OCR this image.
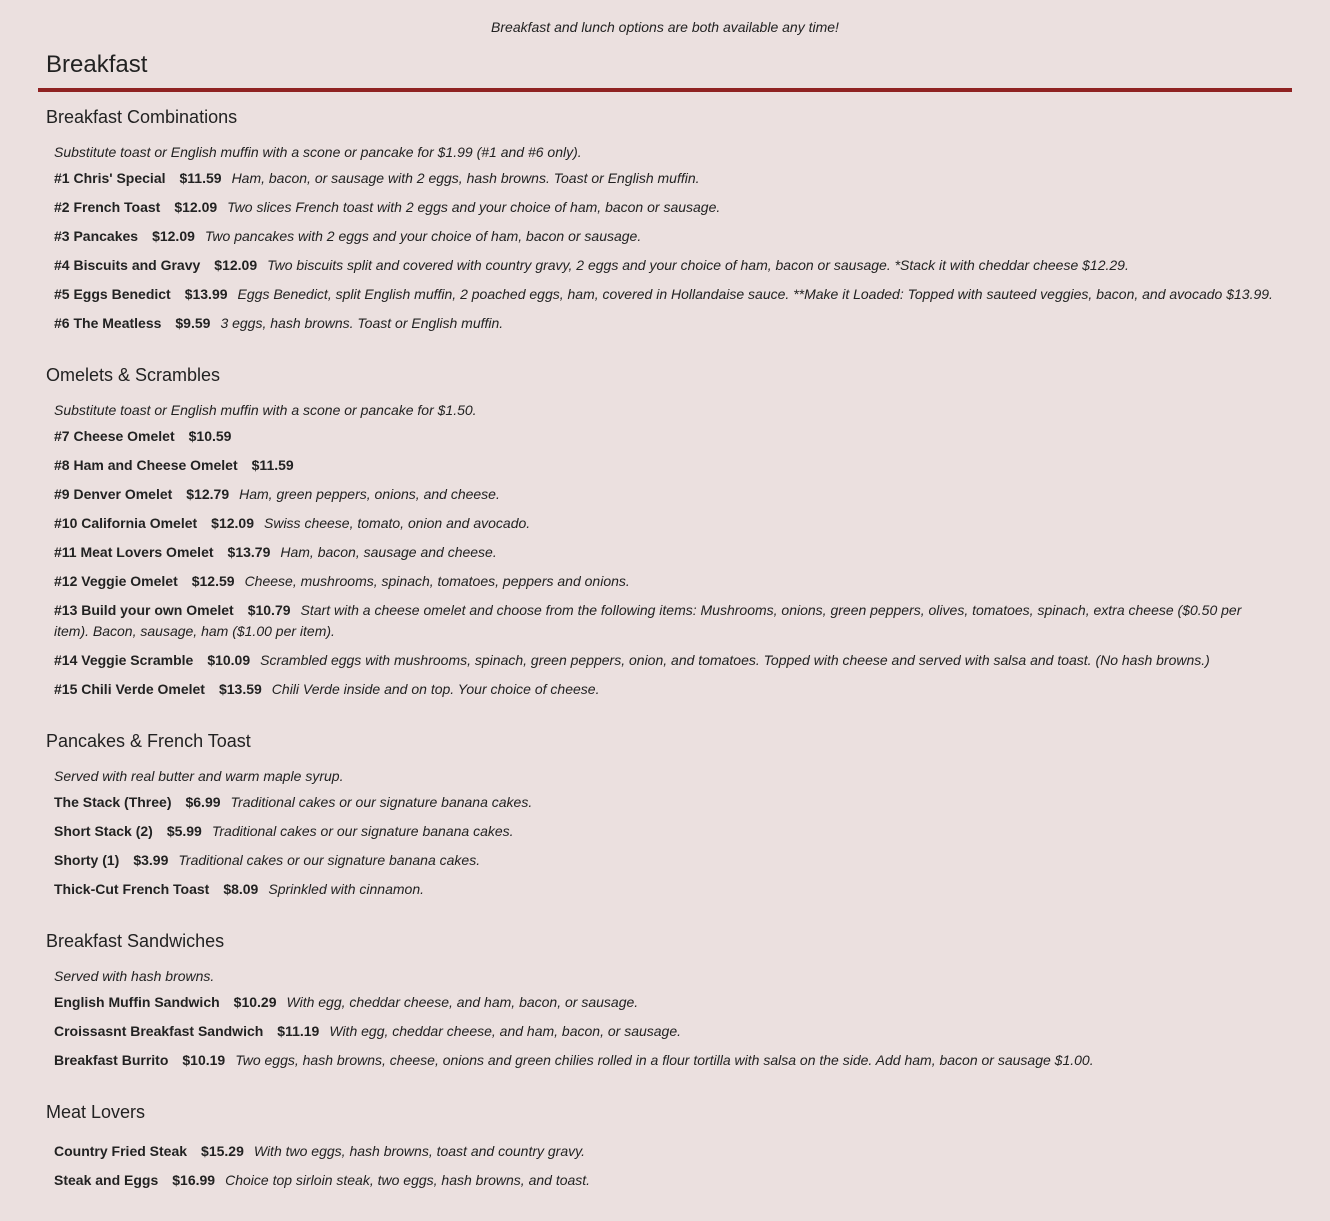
Breakfast and lunch options are both available any time!
Breakfast
Breakfast Combinations
Substitute toast or English muffin with a scone or pancake for $1.99 (#1 and #6 only).
#1 Chris' Special $11.59 Ham, bacon, or sausage with 2 eggs, hash browns. Toast or English muffin.
#2 French Toast $12.09 Two slices French toast with 2 eggs and your choice of ham, bacon or sausage.
#3 Pancakes $12.09 Two pancakes with 2 eggs and your choice of ham, bacon or sausage.
#4 Biscuits and Gravy $12.09 Two biscuits split and covered with country gravy, 2 eggs and your choice of ham, bacon or sausage. *Stack it with cheddar cheese $12.29.
#5 Eggs Benedict $13.99 Eggs Benedict, split English muffin, 2 poached eggs, ham, covered in Hollandaise sauce. **Make it Loaded: Topped with sauteed veggies, bacon, and avocado $13.99.
#6 The Meatless $9.59 3 eggs, hash browns. Toast or English muffin.
Omelets & Scrambles
Substitute toast or English muffin with a scone or pancake for $1.50.
#7 Cheese Omelet $10.59
#8 Ham and Cheese Omelet $11.59
#9 Denver Omelet $12.79 Ham, green peppers, onions, and cheese.
#10 California Omelet $12.09 Swiss cheese, tomato, onion and avocado.
#11 Meat Lovers Omelet $13.79 Ham, bacon, sausage and cheese.
#12 Veggie Omelet $12.59 Cheese, mushrooms, spinach, tomatoes, peppers and onions.
#13 Build your own Omelet $10.79 Start with a cheese omelet and choose from the following items: Mushrooms, onions, green peppers, olives, tomatoes, spinach, extra cheese ($0.50 per item). Bacon, sausage, ham ($1.00 per item).
#14 Veggie Scramble $10.09 Scrambled eggs with mushrooms, spinach, green peppers, onion, and tomatoes. Topped with cheese and served with salsa and toast. (No hash browns.)
#15 Chili Verde Omelet $13.59 Chili Verde inside and on top. Your choice of cheese.
Pancakes & French Toast
Served with real butter and warm maple syrup.
The Stack (Three) $6.99 Traditional cakes or our signature banana cakes.
Short Stack (2) $5.99 Traditional cakes or our signature banana cakes.
Shorty (1) $3.99 Traditional cakes or our signature banana cakes.
Thick-Cut French Toast $8.09 Sprinkled with cinnamon.
Breakfast Sandwiches
Served with hash browns.
English Muffin Sandwich $10.29 With egg, cheddar cheese, and ham, bacon, or sausage.
Croissasnt Breakfast Sandwich $11.19 With egg, cheddar cheese, and ham, bacon, or sausage.
Breakfast Burrito $10.19 Two eggs, hash browns, cheese, onions and green chilies rolled in a flour tortilla with salsa on the side. Add ham, bacon or sausage $1.00.
Meat Lovers
Country Fried Steak $15.29 With two eggs, hash browns, toast and country gravy.
Steak and Eggs $16.99 Choice top sirloin steak, two eggs, hash browns, and toast.
